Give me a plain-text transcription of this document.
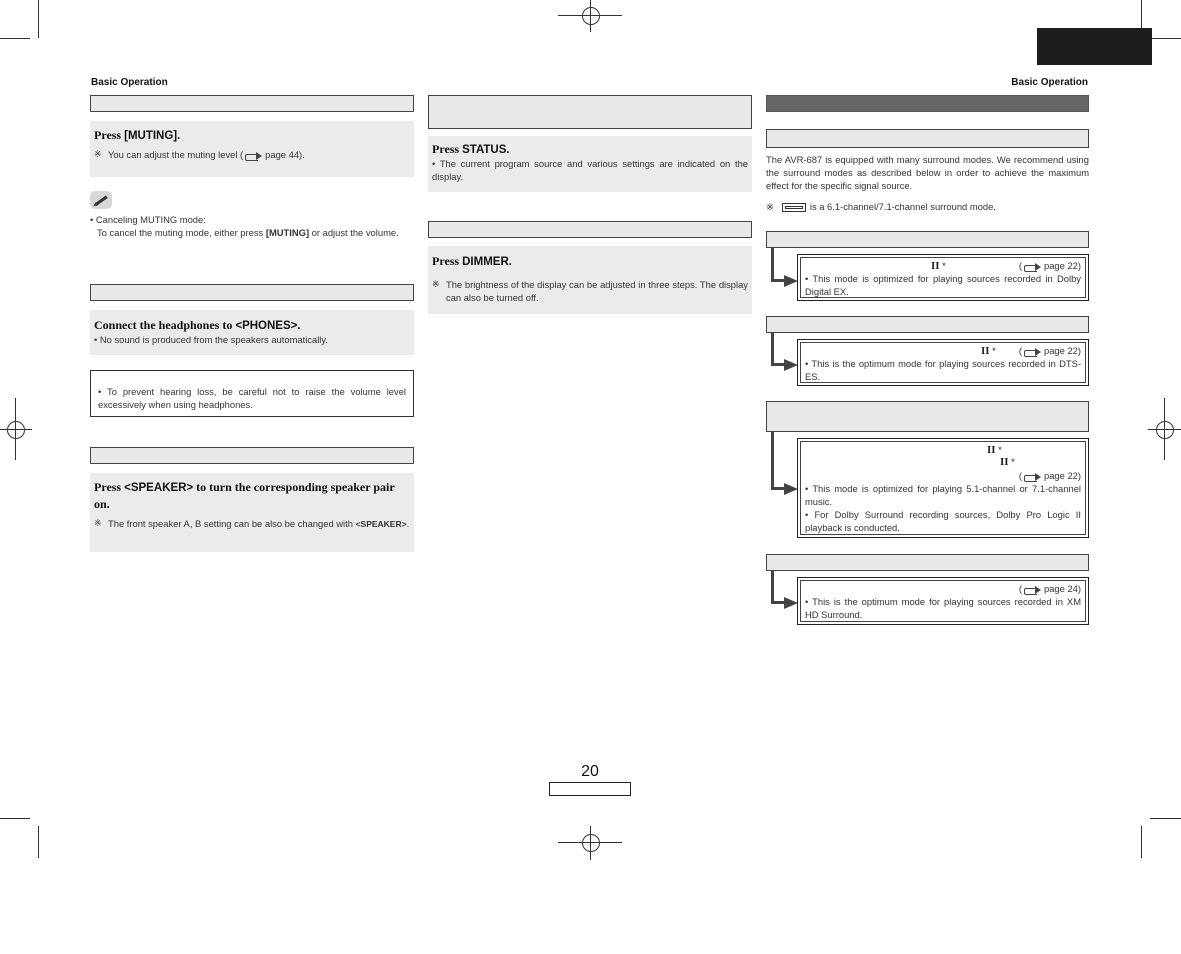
Basic Operation	Basic Operation
Press [MUTING].
※ You can adjust the muting level ( page 44).
• Canceling MUTING mode:
To cancel the muting mode, either press [MUTING] or adjust the volume.
Connect the headphones to <PHONES>.
• No sound is produced from the speakers automatically.
• To prevent hearing loss, be careful not to raise the volume level excessively when using headphones.
Press <SPEAKER> to turn the corresponding speaker pair on.
※ The front speaker A, B setting can be also be changed with <SPEAKER>.
Press STATUS.
• The current program source and various settings are indicated on the display.
Press DIMMER.
※ The brightness of the display can be adjusted in three steps. The display can also be turned off.
The AVR-687 is equipped with many surround modes. We recommend using the surround modes as described below in order to achieve the maximum effect for the specific signal source.
※	is a 6.1-channel/7.1-channel surround mode.
II *	( page 22)
• This mode is optimized for playing sources recorded in Dolby Digital EX.
II *	( page 22)
• This is the optimum mode for playing sources recorded in DTS-ES.
II *
II *
( page 22)
• This mode is optimized for playing 5.1-channel or 7.1-channel music.
• For Dolby Surround recording sources, Dolby Pro Logic II playback is conducted.
( page 24)
• This is the optimum mode for playing sources recorded in XM HD Surround.
20
